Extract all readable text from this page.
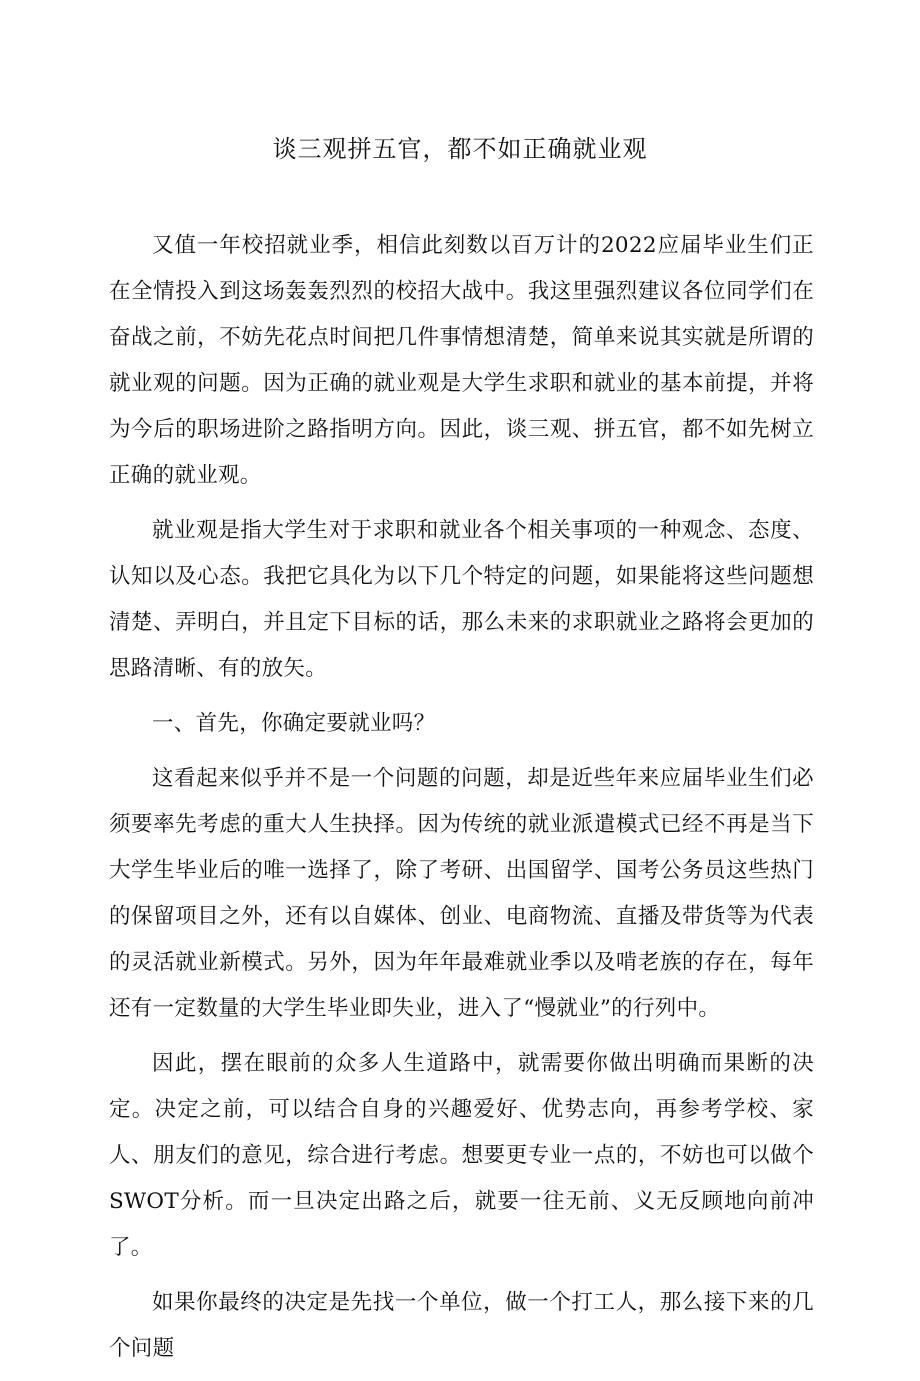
谈三观拼五官，都不如正确就业观

又值一年校招就业季，相信此刻数以百万计的2022应届毕业生们正在全情投入到这场轰轰烈烈的校招大战中。我这里强烈建议各位同学们在奋战之前，不妨先花点时间把几件事情想清楚，简单来说其实就是所谓的就业观的问题。因为正确的就业观是大学生求职和就业的基本前提，并将为今后的职场进阶之路指明方向。因此，谈三观、拼五官，都不如先树立正确的就业观。

就业观是指大学生对于求职和就业各个相关事项的一种观念、态度、认知以及心态。我把它具化为以下几个特定的问题，如果能将这些问题想清楚、弄明白，并且定下目标的话，那么未来的求职就业之路将会更加的思路清晰、有的放矢。

一、首先，你确定要就业吗？

这看起来似乎并不是一个问题的问题，却是近些年来应届毕业生们必须要率先考虑的重大人生抉择。因为传统的就业派遣模式已经不再是当下大学生毕业后的唯一选择了，除了考研、出国留学、国考公务员这些热门的保留项目之外，还有以自媒体、创业、电商物流、直播及带货等为代表的灵活就业新模式。另外，因为年年最难就业季以及啃老族的存在，每年还有一定数量的大学生毕业即失业，进入了“慢就业”的行列中。

因此，摆在眼前的众多人生道路中，就需要你做出明确而果断的决定。决定之前，可以结合自身的兴趣爱好、优势志向，再参考学校、家人、朋友们的意见，综合进行考虑。想要更专业一点的，不妨也可以做个SWOT分析。而一旦决定出路之后，就要一往无前、义无反顾地向前冲了。

如果你最终的决定是先找一个单位，做一个打工人，那么接下来的几个问题
